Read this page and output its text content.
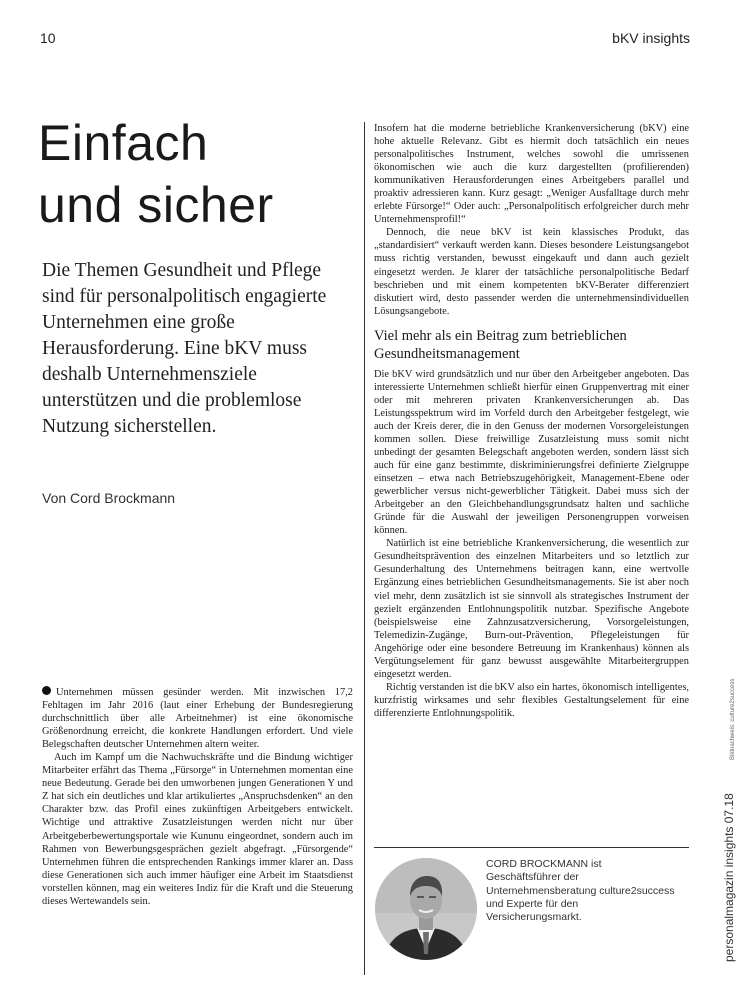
10	bKV insights
Einfach
und sicher

Die Themen Gesundheit und Pflege sind für personalpolitisch engagierte Unternehmen eine große Herausforderung. Eine bKV muss deshalb Unternehmensziele unterstützen und die problemlose Nutzung sicherstellen.

Von Cord Brockmann

Unternehmen müssen gesünder werden. Mit inzwischen 17,2 Fehltagen im Jahr 2016 (laut einer Erhebung der Bundesregierung durchschnittlich über alle Arbeitnehmer) ist eine ökonomische Größenordnung erreicht, die konkrete Handlungen erfordert. Und viele Belegschaften deutscher Unternehmen altern weiter.

Auch im Kampf um die Nachwuchskräfte und die Bindung wichtiger Mitarbeiter erfährt das Thema „Fürsorge“ in Unternehmen momentan eine neue Bedeutung. Gerade bei den umworbenen jungen Generationen Y und Z hat sich ein deutliches und klar artikuliertes „Anspruchsdenken“ an den Charakter bzw. das Profil eines zukünftigen Arbeitgebers entwickelt. Wichtige und attraktive Zusatzleistungen werden nicht nur über Arbeitgeberbewertungsportale wie Kununu eingeordnet, sondern auch im Rahmen von Bewerbungsgesprächen gezielt abgefragt. „Fürsorgende“ Unternehmen führen die entsprechenden Rankings immer klarer an. Dass diese Generationen sich auch immer häufiger eine Arbeit im Staatsdienst vorstellen können, mag ein weiteres Indiz für die Kraft und die Steuerung dieses Wertewandels sein.

Insofern hat die moderne betriebliche Krankenversicherung (bKV) eine hohe aktuelle Relevanz. Gibt es hiermit doch tatsächlich ein neues personalpolitisches Instrument, welches sowohl die umrissenen ökonomischen wie auch die kurz dargestellten (profilierenden) kommunikativen Herausforderungen eines Arbeitgebers parallel und proaktiv adressieren kann. Kurz gesagt: „Weniger Ausfalltage durch mehr erlebte Fürsorge!“ Oder auch: „Personalpolitisch erfolgreicher durch mehr Unternehmensprofil!“

Dennoch, die neue bKV ist kein klassisches Produkt, das „standardisiert“ verkauft werden kann. Dieses besondere Leistungsangebot muss richtig verstanden, bewusst eingekauft und dann auch gezielt eingesetzt werden. Je klarer der tatsächliche personalpolitische Bedarf beschrieben und mit einem kompetenten bKV-Berater differenziert diskutiert wird, desto passender werden die unternehmensindividuellen Lösungsangebote.

Viel mehr als ein Beitrag zum betrieblichen Gesundheitsmanagement

Die bKV wird grundsätzlich und nur über den Arbeitgeber angeboten. Das interessierte Unternehmen schließt hierfür einen Gruppenvertrag mit einer oder mit mehreren privaten Krankenversicherungen ab. Das Leistungsspektrum wird im Vorfeld durch den Arbeitgeber festgelegt, wie auch der Kreis derer, die in den Genuss der modernen Vorsorgeleistungen kommen sollen. Diese freiwillige Zusatzleistung muss somit nicht unbedingt der gesamten Belegschaft angeboten werden, sondern lässt sich auch für eine ganz bestimmte, diskriminierungsfrei definierte Zielgruppe einsetzen – etwa nach Betriebszugehörigkeit, Management-Ebene oder gewerblicher versus nicht-gewerblicher Tätigkeit. Dabei muss sich der Arbeitgeber an den Gleichbehandlungsgrundsatz halten und sachliche Gründe für die Auswahl der jeweiligen Personengruppen vorweisen können.

Natürlich ist eine betriebliche Krankenversicherung, die wesentlich zur Gesundheitsprävention des einzelnen Mitarbeiters und so letztlich zur Gesunderhaltung des Unternehmens beitragen kann, eine wertvolle Ergänzung eines betrieblichen Gesundheitsmanagements. Sie ist aber noch viel mehr, denn zusätzlich ist sie sinnvoll als strategisches Instrument der gezielt ergänzenden Entlohnungspolitik nutzbar. Spezifische Angebote (beispielsweise eine Zahnzusatzversicherung, Vorsorgeleistungen, Telemedizin-Zugänge, Burn-out-Prävention, Pflegeleistungen für Angehörige oder eine besondere Betreuung im Krankenhaus) können als Vergütungselement für ganz bewusst ausgewählte Mitarbeitergruppen eingesetzt werden.

Richtig verstanden ist die bKV also ein hartes, ökonomisch intelligentes, kurzfristig wirksames und sehr flexibles Gestaltungselement für eine differenzierte Entlohnungspolitik.

CORD BROCKMANN ist Geschäftsführer der Unternehmensberatung culture2success und Experte für den Versicherungsmarkt.	personalmagazin insights 07.18
Bildnachweis: culture2success
